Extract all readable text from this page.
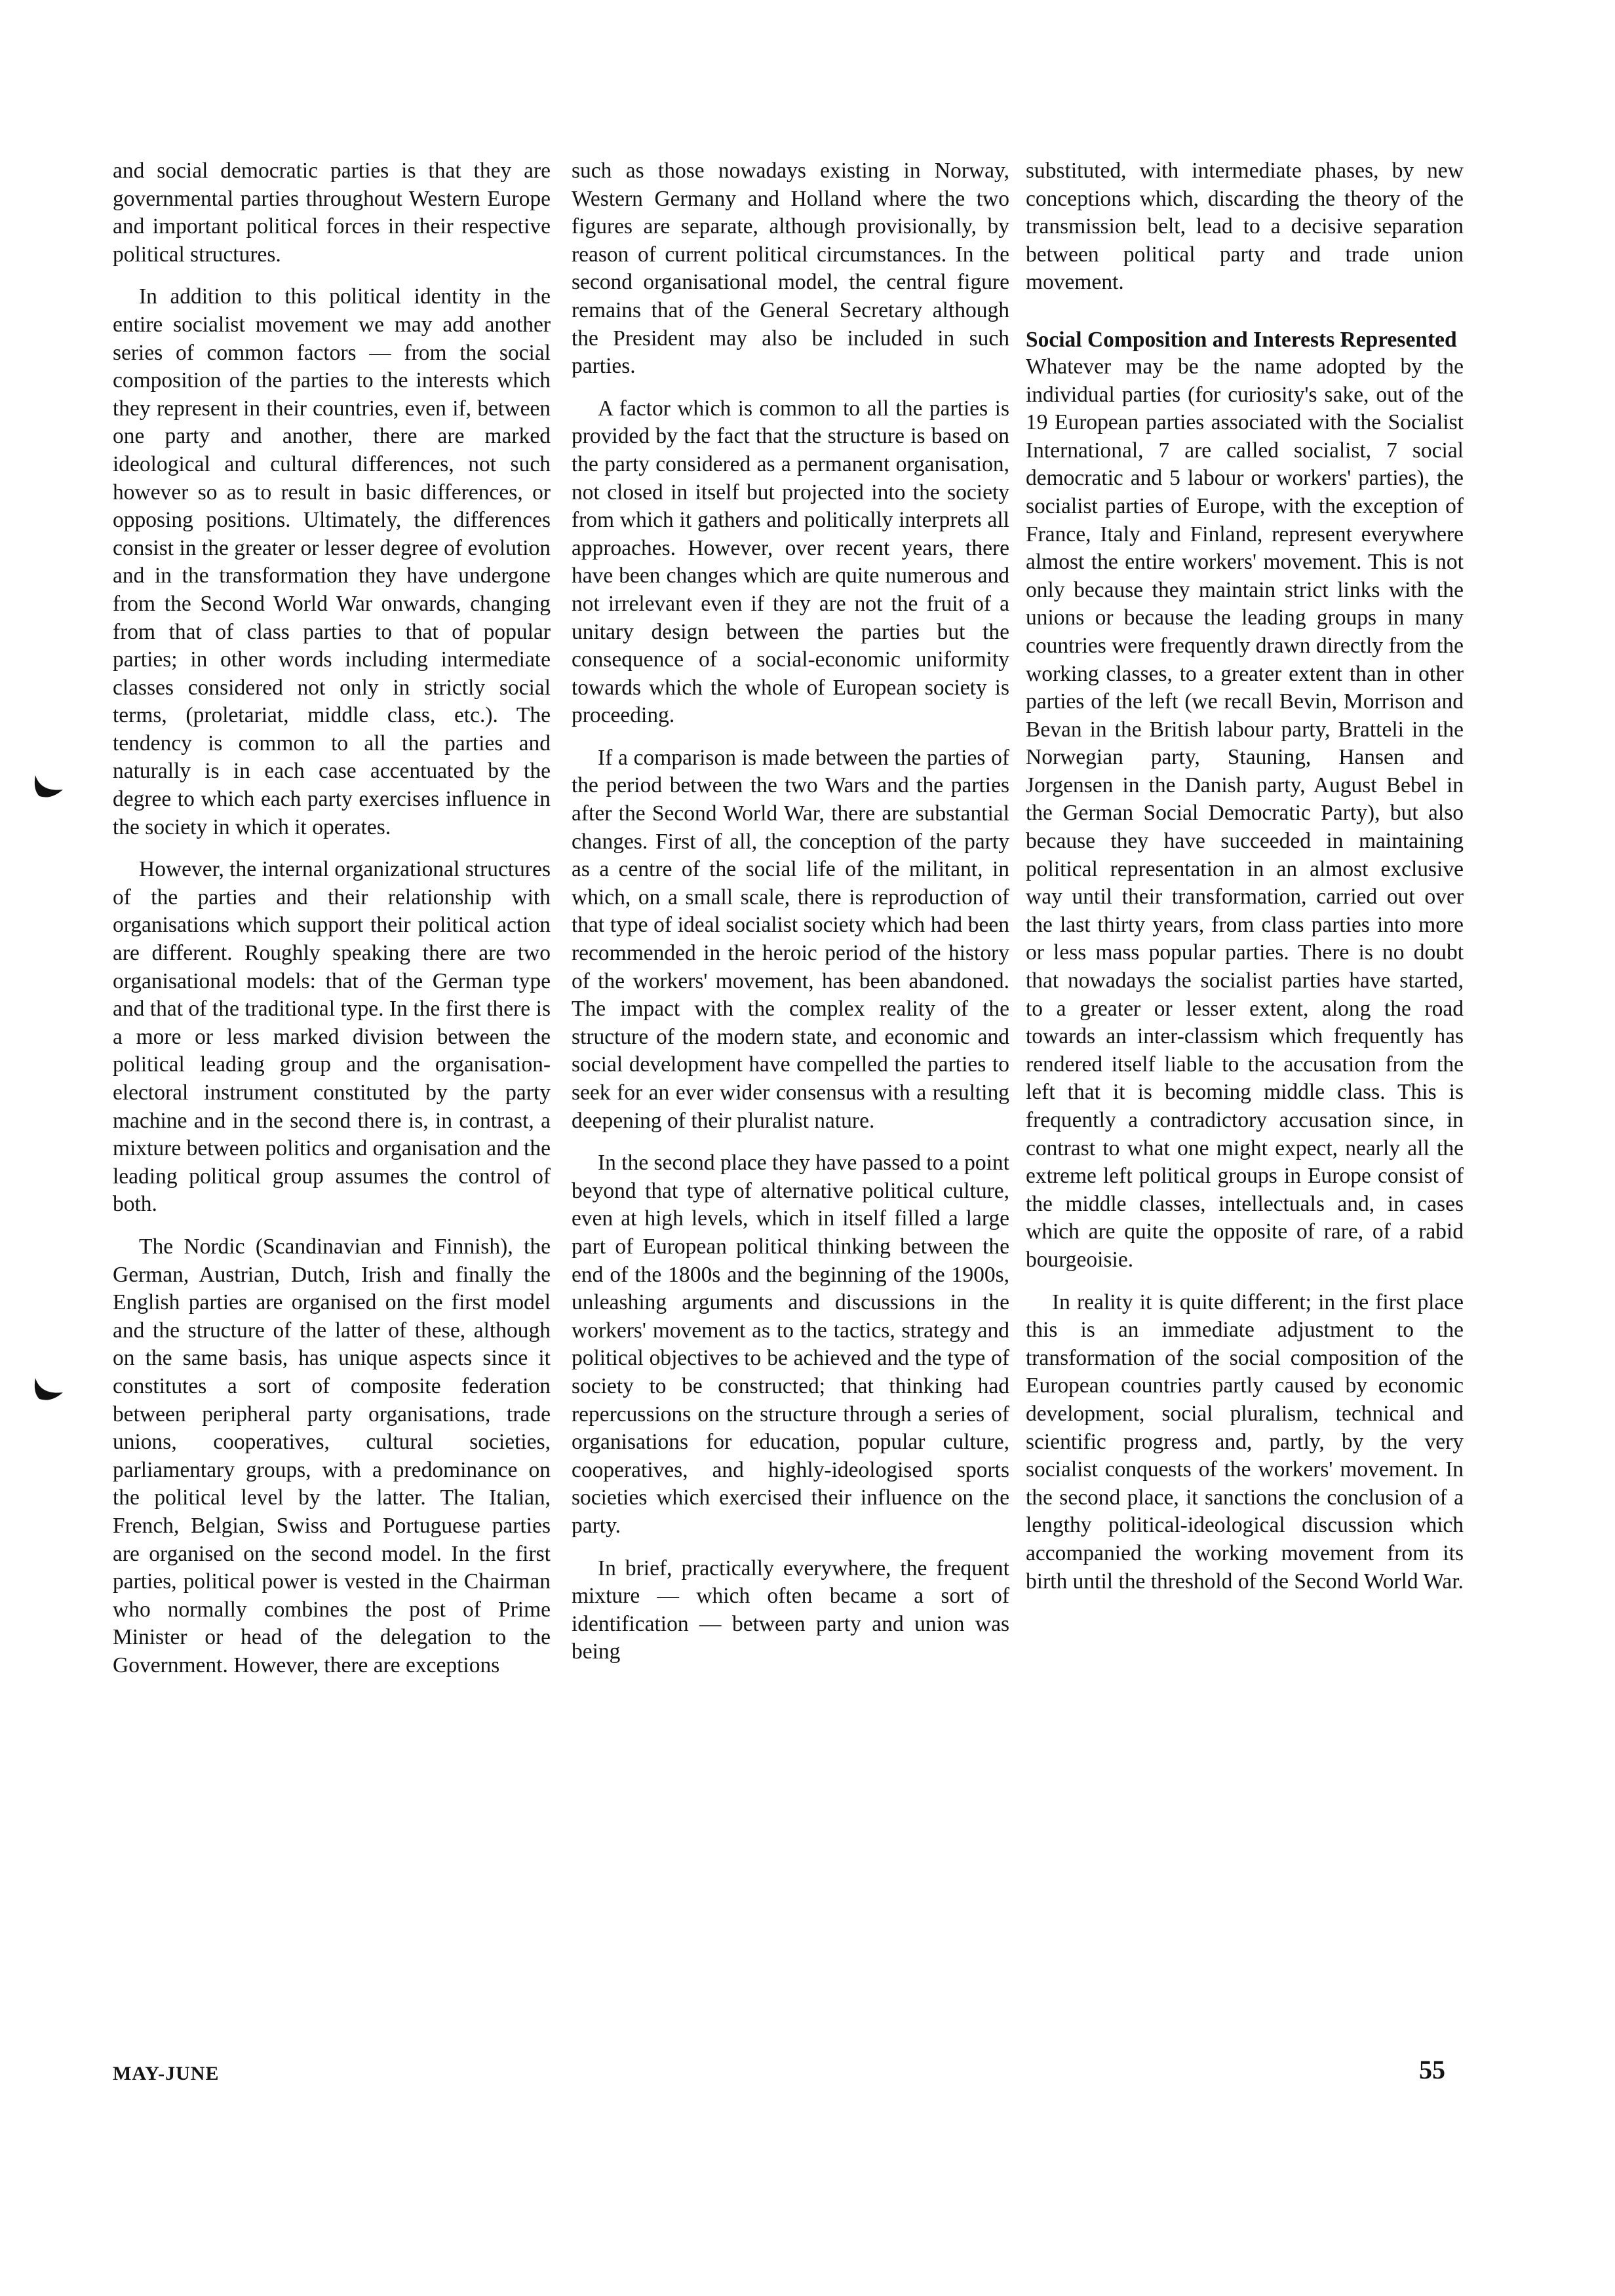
and social democratic parties is that they are governmental parties throughout Western Europe and important political forces in their respective political structures.

In addition to this political identity in the entire socialist movement we may add another series of common factors — from the social composition of the parties to the interests which they represent in their countries, even if, between one party and another, there are marked ideological and cultural differences, not such however so as to result in basic differences, or opposing positions. Ultimately, the differences consist in the greater or lesser degree of evolution and in the transformation they have undergone from the Second World War onwards, changing from that of class parties to that of popular parties; in other words including intermediate classes considered not only in strictly social terms, (proletariat, middle class, etc.). The tendency is common to all the parties and naturally is in each case accentuated by the degree to which each party exercises influence in the society in which it operates.

However, the internal organizational structures of the parties and their relationship with organisations which support their political action are different. Roughly speaking there are two organisational models: that of the German type and that of the traditional type. In the first there is a more or less marked division between the political leading group and the organisation-electoral instrument constituted by the party machine and in the second there is, in contrast, a mixture between politics and organisation and the leading political group assumes the control of both.

The Nordic (Scandinavian and Finnish), the German, Austrian, Dutch, Irish and finally the English parties are organised on the first model and the structure of the latter of these, although on the same basis, has unique aspects since it constitutes a sort of composite federation between peripheral party organisations, trade unions, cooperatives, cultural societies, parliamentary groups, with a predominance on the political level by the latter. The Italian, French, Belgian, Swiss and Portuguese parties are organised on the second model. In the first parties, political power is vested in the Chairman who normally combines the post of Prime Minister or head of the delegation to the Government. However, there are exceptions

such as those nowadays existing in Norway, Western Germany and Holland where the two figures are separate, although provisionally, by reason of current political circumstances. In the second organisational model, the central figure remains that of the General Secretary although the President may also be included in such parties.

A factor which is common to all the parties is provided by the fact that the structure is based on the party considered as a permanent organisation, not closed in itself but projected into the society from which it gathers and politically interprets all approaches. However, over recent years, there have been changes which are quite numerous and not irrelevant even if they are not the fruit of a unitary design between the parties but the consequence of a social-economic uniformity towards which the whole of European society is proceeding.

If a comparison is made between the parties of the period between the two Wars and the parties after the Second World War, there are substantial changes. First of all, the conception of the party as a centre of the social life of the militant, in which, on a small scale, there is reproduction of that type of ideal socialist society which had been recommended in the heroic period of the history of the workers' movement, has been abandoned. The impact with the complex reality of the structure of the modern state, and economic and social development have compelled the parties to seek for an ever wider consensus with a resulting deepening of their pluralist nature.

In the second place they have passed to a point beyond that type of alternative political culture, even at high levels, which in itself filled a large part of European political thinking between the end of the 1800s and the beginning of the 1900s, unleashing arguments and discussions in the workers' movement as to the tactics, strategy and political objectives to be achieved and the type of society to be constructed; that thinking had repercussions on the structure through a series of organisations for education, popular culture, cooperatives, and highly-ideologised sports societies which exercised their influence on the party.

In brief, practically everywhere, the frequent mixture — which often became a sort of identification — between party and union was being

substituted, with intermediate phases, by new conceptions which, discarding the theory of the transmission belt, lead to a decisive separation between political party and trade union movement.

Social Composition and Interests Represented

Whatever may be the name adopted by the individual parties (for curiosity's sake, out of the 19 European parties associated with the Socialist International, 7 are called socialist, 7 social democratic and 5 labour or workers' parties), the socialist parties of Europe, with the exception of France, Italy and Finland, represent everywhere almost the entire workers' movement. This is not only because they maintain strict links with the unions or because the leading groups in many countries were frequently drawn directly from the working classes, to a greater extent than in other parties of the left (we recall Bevin, Morrison and Bevan in the British labour party, Bratteli in the Norwegian party, Stauning, Hansen and Jorgensen in the Danish party, August Bebel in the German Social Democratic Party), but also because they have succeeded in maintaining political representation in an almost exclusive way until their transformation, carried out over the last thirty years, from class parties into more or less mass popular parties. There is no doubt that nowadays the socialist parties have started, to a greater or lesser extent, along the road towards an inter-classism which frequently has rendered itself liable to the accusation from the left that it is becoming middle class. This is frequently a contradictory accusation since, in contrast to what one might expect, nearly all the extreme left political groups in Europe consist of the middle classes, intellectuals and, in cases which are quite the opposite of rare, of a rabid bourgeoisie.

In reality it is quite different; in the first place this is an immediate adjustment to the transformation of the social composition of the European countries partly caused by economic development, social pluralism, technical and scientific progress and, partly, by the very socialist conquests of the workers' movement. In the second place, it sanctions the conclusion of a lengthy political-ideological discussion which accompanied the working movement from its birth until the threshold of the Second World War.

MAY-JUNE	55
